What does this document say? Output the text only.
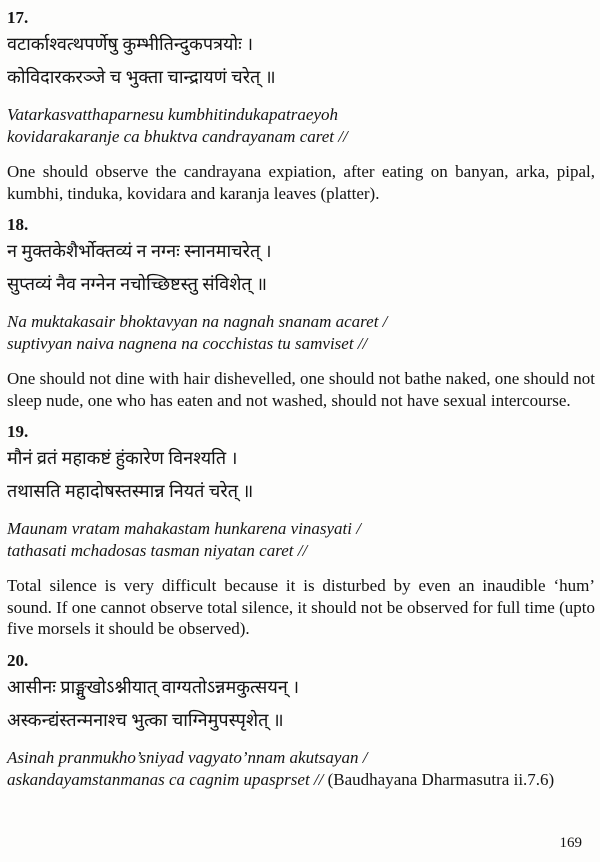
17.

वटार्काश्वत्थपर्णेषु कुम्भीतिन्दुकपत्रयोः ।

कोविदारकरञ्जे च भुक्ता चान्द्रायणं चरेत् ॥

Vatarkasvatthaparnesu kumbhitindukapatraeyoh
kovidarakaranje ca bhuktva candrayanam caret //

One should observe the candrayana expiation, after eating on banyan, arka, pipal, kumbhi, tinduka, kovidara and karanja leaves (platter).

18.

न मुक्तकेशैर्भोक्तव्यं न नग्नः स्नानमाचरेत् ।

सुप्तव्यं नैव नग्नेन नचोच्छिष्टस्तु संविशेत् ॥

Na muktakasair bhoktavyan na nagnah snanam acaret /
suptivyan naiva nagnena na cocchistas tu samviset //

One should not dine with hair dishevelled, one should not bathe naked, one should not sleep nude, one who has eaten and not washed, should not have sexual intercourse.

19.

मौनं व्रतं महाकष्टं हुंकारेण विनश्यति ।

तथासति महादोषस्तस्मान्न नियतं चरेत् ॥

Maunam vratam mahakastam hunkarena vinasyati /
tathasati mchadosas tasman niyatan caret //

Total silence is very difficult because it is disturbed by even an inaudible ‘hum’ sound. If one cannot observe total silence, it should not be observed for full time (upto five morsels it should be observed).

20.

आसीनः प्राङ्मुखोऽश्नीयात् वाग्यतोऽन्नमकुत्सयन् ।

अस्कन्द्यंस्तन्मनाश्च भुत्का चाग्निमुपस्पृशेत् ॥

Asinah pranmukho’sniyad vagyato’nnam akutsayan /
askandayamstanmanas ca cagnim upasprset // (Baudhayana Dharmasutra ii.7.6)

169
